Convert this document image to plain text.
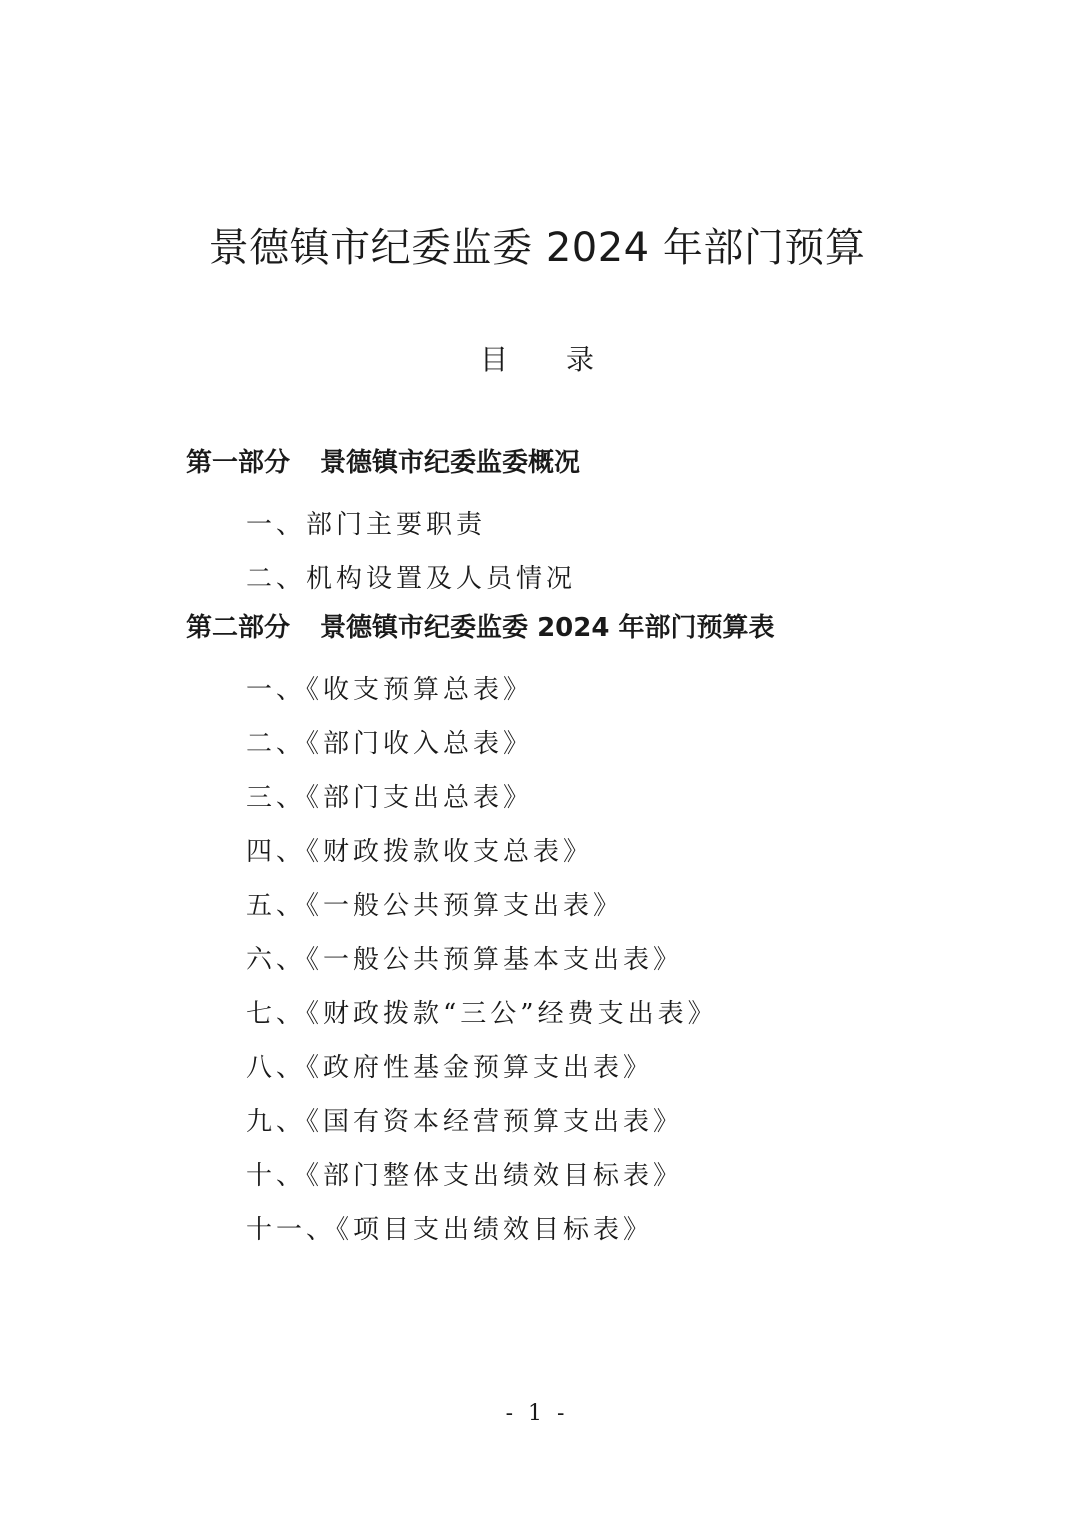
景德镇市纪委监委 2024 年部门预算
目 录
第一部分 景德镇市纪委监委概况
一、部门主要职责
二、机构设置及人员情况
第二部分 景德镇市纪委监委 2024 年部门预算表
一、《收支预算总表》
二、《部门收入总表》
三、《部门支出总表》
四、《财政拨款收支总表》
五、《一般公共预算支出表》
六、《一般公共预算基本支出表》
七、《财政拨款“三公”经费支出表》
八、《政府性基金预算支出表》
九、《国有资本经营预算支出表》
十、《部门整体支出绩效目标表》
十一、《项目支出绩效目标表》
- 1 -
